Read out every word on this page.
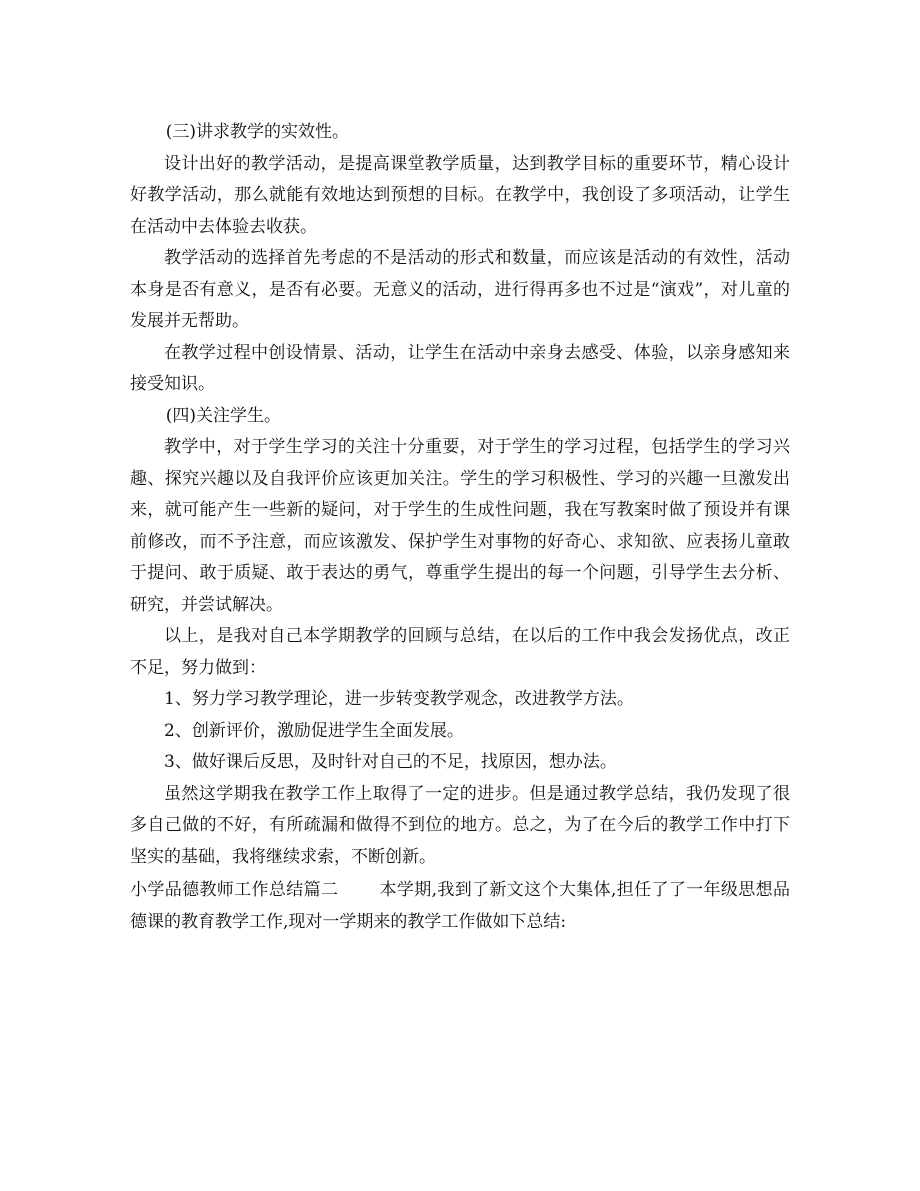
(三)讲求教学的实效性。

设计出好的教学活动，是提高课堂教学质量，达到教学目标的重要环节，精心设计好教学活动，那么就能有效地达到预想的目标。在教学中，我创设了多项活动，让学生在活动中去体验去收获。

教学活动的选择首先考虑的不是活动的形式和数量，而应该是活动的有效性，活动本身是否有意义，是否有必要。无意义的活动，进行得再多也不过是“演戏”，对儿童的发展并无帮助。

在教学过程中创设情景、活动，让学生在活动中亲身去感受、体验，以亲身感知来接受知识。

(四)关注学生。

教学中，对于学生学习的关注十分重要，对于学生的学习过程，包括学生的学习兴趣、探究兴趣以及自我评价应该更加关注。学生的学习积极性、学习的兴趣一旦激发出来，就可能产生一些新的疑问，对于学生的生成性问题，我在写教案时做了预设并有课前修改，而不予注意，而应该激发、保护学生对事物的好奇心、求知欲、应表扬儿童敢于提问、敢于质疑、敢于表达的勇气，尊重学生提出的每一个问题，引导学生去分析、研究，并尝试解决。

以上，是我对自己本学期教学的回顾与总结，在以后的工作中我会发扬优点，改正不足，努力做到：

1、努力学习教学理论，进一步转变教学观念，改进教学方法。

2、创新评价，激励促进学生全面发展。

3、做好课后反思，及时针对自己的不足，找原因，想办法。

虽然这学期我在教学工作上取得了一定的进步。但是通过教学总结，我仍发现了很多自己做的不好，有所疏漏和做得不到位的地方。总之，为了在今后的教学工作中打下坚实的基础，我将继续求索，不断创新。

小学品德教师工作总结篇二 本学期,我到了新文这个大集体,担任了了一年级思想品德课的教育教学工作,现对一学期来的教学工作做如下总结:
